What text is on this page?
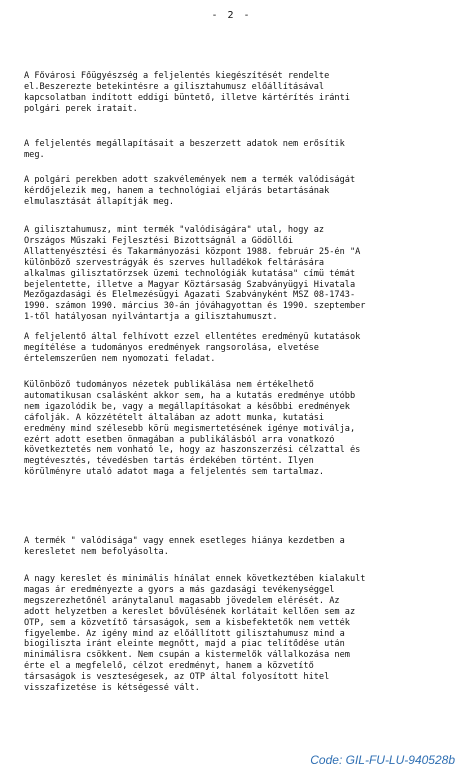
- 2 -
A Fővárosi Főügyészség a feljelentés kiegészítését rendelte
el.Beszerezte betekintésre a gilisztahumusz előállításával
kapcsolatban indított eddigi büntető, illetve kártérítés iránti
polgári perek iratait.
A feljelentés megállapításait a beszerzett adatok nem erősítik
meg.
A polgári perekben adott szakvélemények nem a termék valódiságát
kérdőjelezik meg, hanem a technológiai eljárás betartásának
elmulasztását állapítják meg.
A gilisztahumusz, mint termék "valódiságára" utal, hogy az
Országos Műszaki Fejlesztési Bizottságnál a Gödöllői
Állattenyésztési és Takarmányozási központ 1988. február 25-én "A
különböző szervestrágyák és szerves hulladékok feltárására
alkalmas gilisztatörzsek üzemi technológiák kutatása" címü témát
bejelentette, illetve a Magyar Köztársaság Szabványügyi Hivatala
Mezőgazdasági és Élelmezésügyi Ágazati Szabványként MSZ 08-1743-
1990. számon 1990. március 30-án jóváhagyottan és 1990. szeptember
1-től hatályosan nyilvántartja a gilisztahumuszt.
A feljelentő által felhívott ezzel ellentétes eredményü kutatások
megítélése a tudományos eredmények rangsorolása, elvetése
értelemszerűen nem nyomozati feladat.
Különböző tudományos nézetek publikálása nem értékelhető
automatikusan csalásként akkor sem, ha a kutatás eredménye utóbb
nem igazolódik be, vagy a megállapításokat a későbbi eredmények
cáfolják. A közzétételt általában az adott munka, kutatási
eredmény mind szélesebb körü megismertetésének igénye motiválja,
ezért adott esetben önmagában a publikálásból arra vonatkozó
következtetés nem vonható le, hogy az haszonszerzési célzattal és
megtévesztés, tévedésben tartás érdekében történt. Ilyen
körülményre utaló adatot maga a feljelentés sem tartalmaz.
A termék " valódisága" vagy ennek esetleges hiánya kezdetben a
keresletet nem befolyásolta.
A nagy kereslet és minimális hínálat ennek következtében kialakult
magas ár eredményezte a gyors a más gazdasági tevékenységgel
megszerezhetőnél aránytalanul magasabb jövedelem elérését. Az
adott helyzetben a kereslet bővülésének korlátait kellően sem az
OTP, sem a közvetítő társaságok, sem a kisbefektetők nem vették
figyelembe. Az igény mind az előállított gilisztahumusz mind a
biogiliszta iránt eleinte megnőtt, majd a piac telítődése után
minimálisra csökkent. Nem csupán a kistermelők vállalkozása nem
érte el a megfelelő, célzot eredményt, hanem a közvetítő
társaságok is veszteségesek, az OTP által folyosított hitel
visszafizetése is kétségessé vált.
Code: GIL-FU-LU-940528b
